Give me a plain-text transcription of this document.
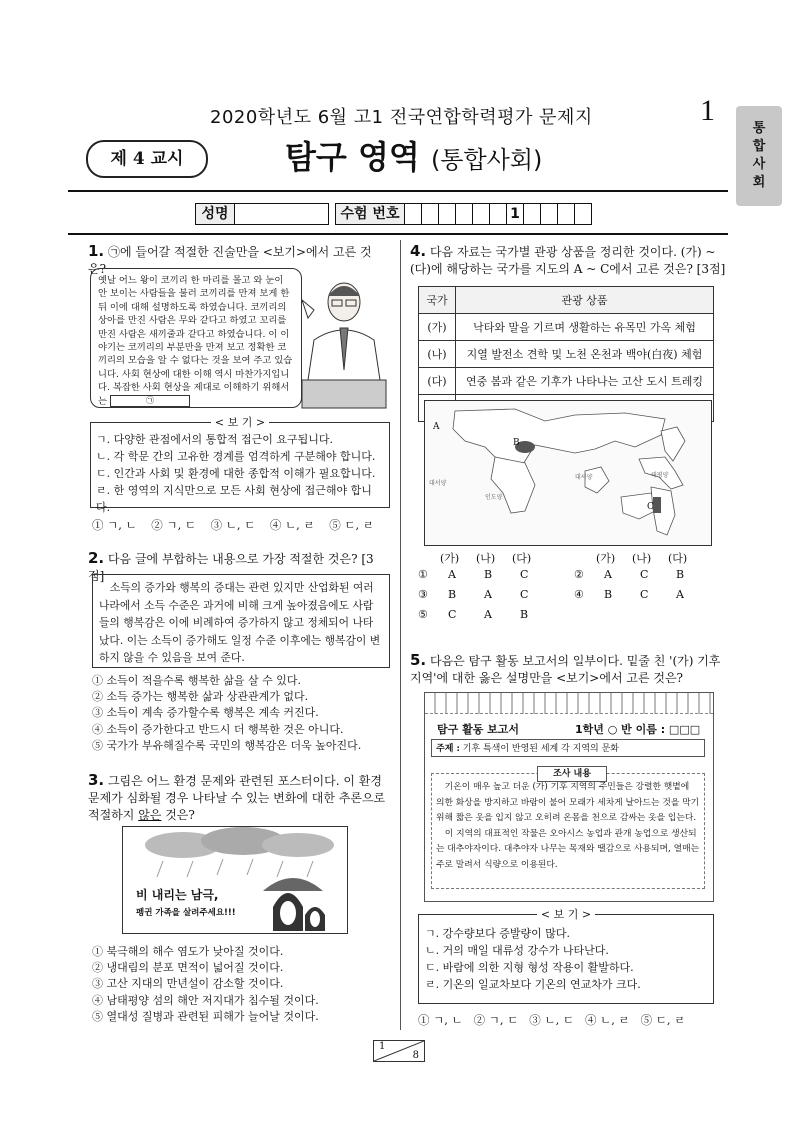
2020학년도 6월 고1 전국연합학력평가 문제지	1
통합사회
제 4 교시	탐구 영역 (통합사회)
성명	수험 번호	1
1. ㉠에 들어갈 적절한 진술만을 <보기>에서 고른 것은?
옛날 어느 왕이 코끼리 한 마리를 몰고 와 눈이 안 보이는 사람들을 불러 코끼리를 만져 보게 한 뒤 이에 대해 설명하도록 하였습니다. 코끼리의 상아를 만진 사람은 무와 같다고 하였고 꼬리를 만진 사람은 새끼줄과 같다고 하였습니다. 이 이야기는 코끼리의 부분만을 만져 보고 정확한 코끼리의 모습을 알 수 없다는 것을 보여 주고 있습니다. 사회 현상에 대한 이해 역시 마찬가지입니다. 복잡한 사회 현상을 제대로 이해하기 위해서는	㉠
< 보 기 >
ㄱ. 다양한 관점에서의 통합적 접근이 요구됩니다.
ㄴ. 각 학문 간의 고유한 경계를 엄격하게 구분해야 합니다.
ㄷ. 인간과 사회 및 환경에 대한 종합적 이해가 필요합니다.
ㄹ. 한 영역의 지식만으로 모든 사회 현상에 접근해야 합니다.
① ㄱ, ㄴ    ② ㄱ, ㄷ    ③ ㄴ, ㄷ    ④ ㄴ, ㄹ    ⑤ ㄷ, ㄹ
2. 다음 글에 부합하는 내용으로 가장 적절한 것은? [3점]
소득의 증가와 행복의 증대는 관련 있지만 산업화된 여러 나라에서 소득 수준은 과거에 비해 크게 높아졌음에도 사람들의 행복감은 이에 비례하여 증가하지 않고 정체되어 나타났다. 이는 소득이 증가해도 일정 수준 이후에는 행복감이 변하지 않을 수 있음을 보여 준다.
① 소득이 적을수록 행복한 삶을 살 수 있다.
② 소득 증가는 행복한 삶과 상관관계가 없다.
③ 소득이 계속 증가할수록 행복은 계속 커진다.
④ 소득이 증가한다고 반드시 더 행복한 것은 아니다.
⑤ 국가가 부유해질수록 국민의 행복감은 더욱 높아진다.
3. 그림은 어느 환경 문제와 관련된 포스터이다. 이 환경 문제가 심화될 경우 나타날 수 있는 변화에 대한 추론으로 적절하지 않은 것은?
비 내리는 남극,
펭귄 가족을 살려주세요!!!
① 북극해의 해수 염도가 낮아질 것이다.
② 냉대림의 분포 면적이 넓어질 것이다.
③ 고산 지대의 만년설이 감소할 것이다.
④ 남태평양 섬의 해안 저지대가 침수될 것이다.
⑤ 열대성 질병과 관련된 피해가 늘어날 것이다.
4. 다음 자료는 국가별 관광 상품을 정리한 것이다. (가) ~ (다)에 해당하는 국가를 지도의 A ~ C에서 고른 것은? [3점]
국가	관광 상품
(가)	낙타와 말을 기르며 생활하는 유목민 가옥 체험
(나)	지열 발전소 견학 및 노천 온천과 백야(白夜) 체험
(다)	연중 봄과 같은 기후가 나타나는 고산 도시 트레킹

A
B
C
대서양
인도양
태평양
대서양
(가) (나) (다)	(가) (나) (다)
① A	B	C	② A	C	B
③ B	A	C	④ B	C	A
⑤ C	A	B
5. 다음은 탐구 활동 보고서의 일부이다. 밑줄 친 '(가) 기후 지역'에 대한 옳은 설명만을 <보기>에서 고른 것은?
탐구 활동 보고서	1학년 ○ 반 이름 : □□□
주제 : 기후 특색이 반영된 세계 각 지역의 문화
기온이 매우 높고 더운 (가) 기후 지역의 주민들은 강렬한 햇볕에 의한 화상을 방지하고 바람이 불어 모래가 세차게 날아드는 것을 막기 위해 짧은 옷을 입지 않고 오히려 온몸을 천으로 감싸는 옷을 입는다.
이 지역의 대표적인 작물은 오아시스 농업과 관개 농업으로 생산되는 대추야자이다. 대추야자 나무는 목재와 땔감으로 사용되며, 열매는 주로 말려서 식량으로 이용된다.
조사 내용
< 보 기 >
ㄱ. 강수량보다 증발량이 많다.
ㄴ. 거의 매일 대류성 강수가 나타난다.
ㄷ. 바람에 의한 지형 형성 작용이 활발하다.
ㄹ. 기온의 일교차보다 기온의 연교차가 크다.
① ㄱ, ㄴ   ② ㄱ, ㄷ   ③ ㄴ, ㄷ   ④ ㄴ, ㄹ   ⑤ ㄷ, ㄹ
1
8
